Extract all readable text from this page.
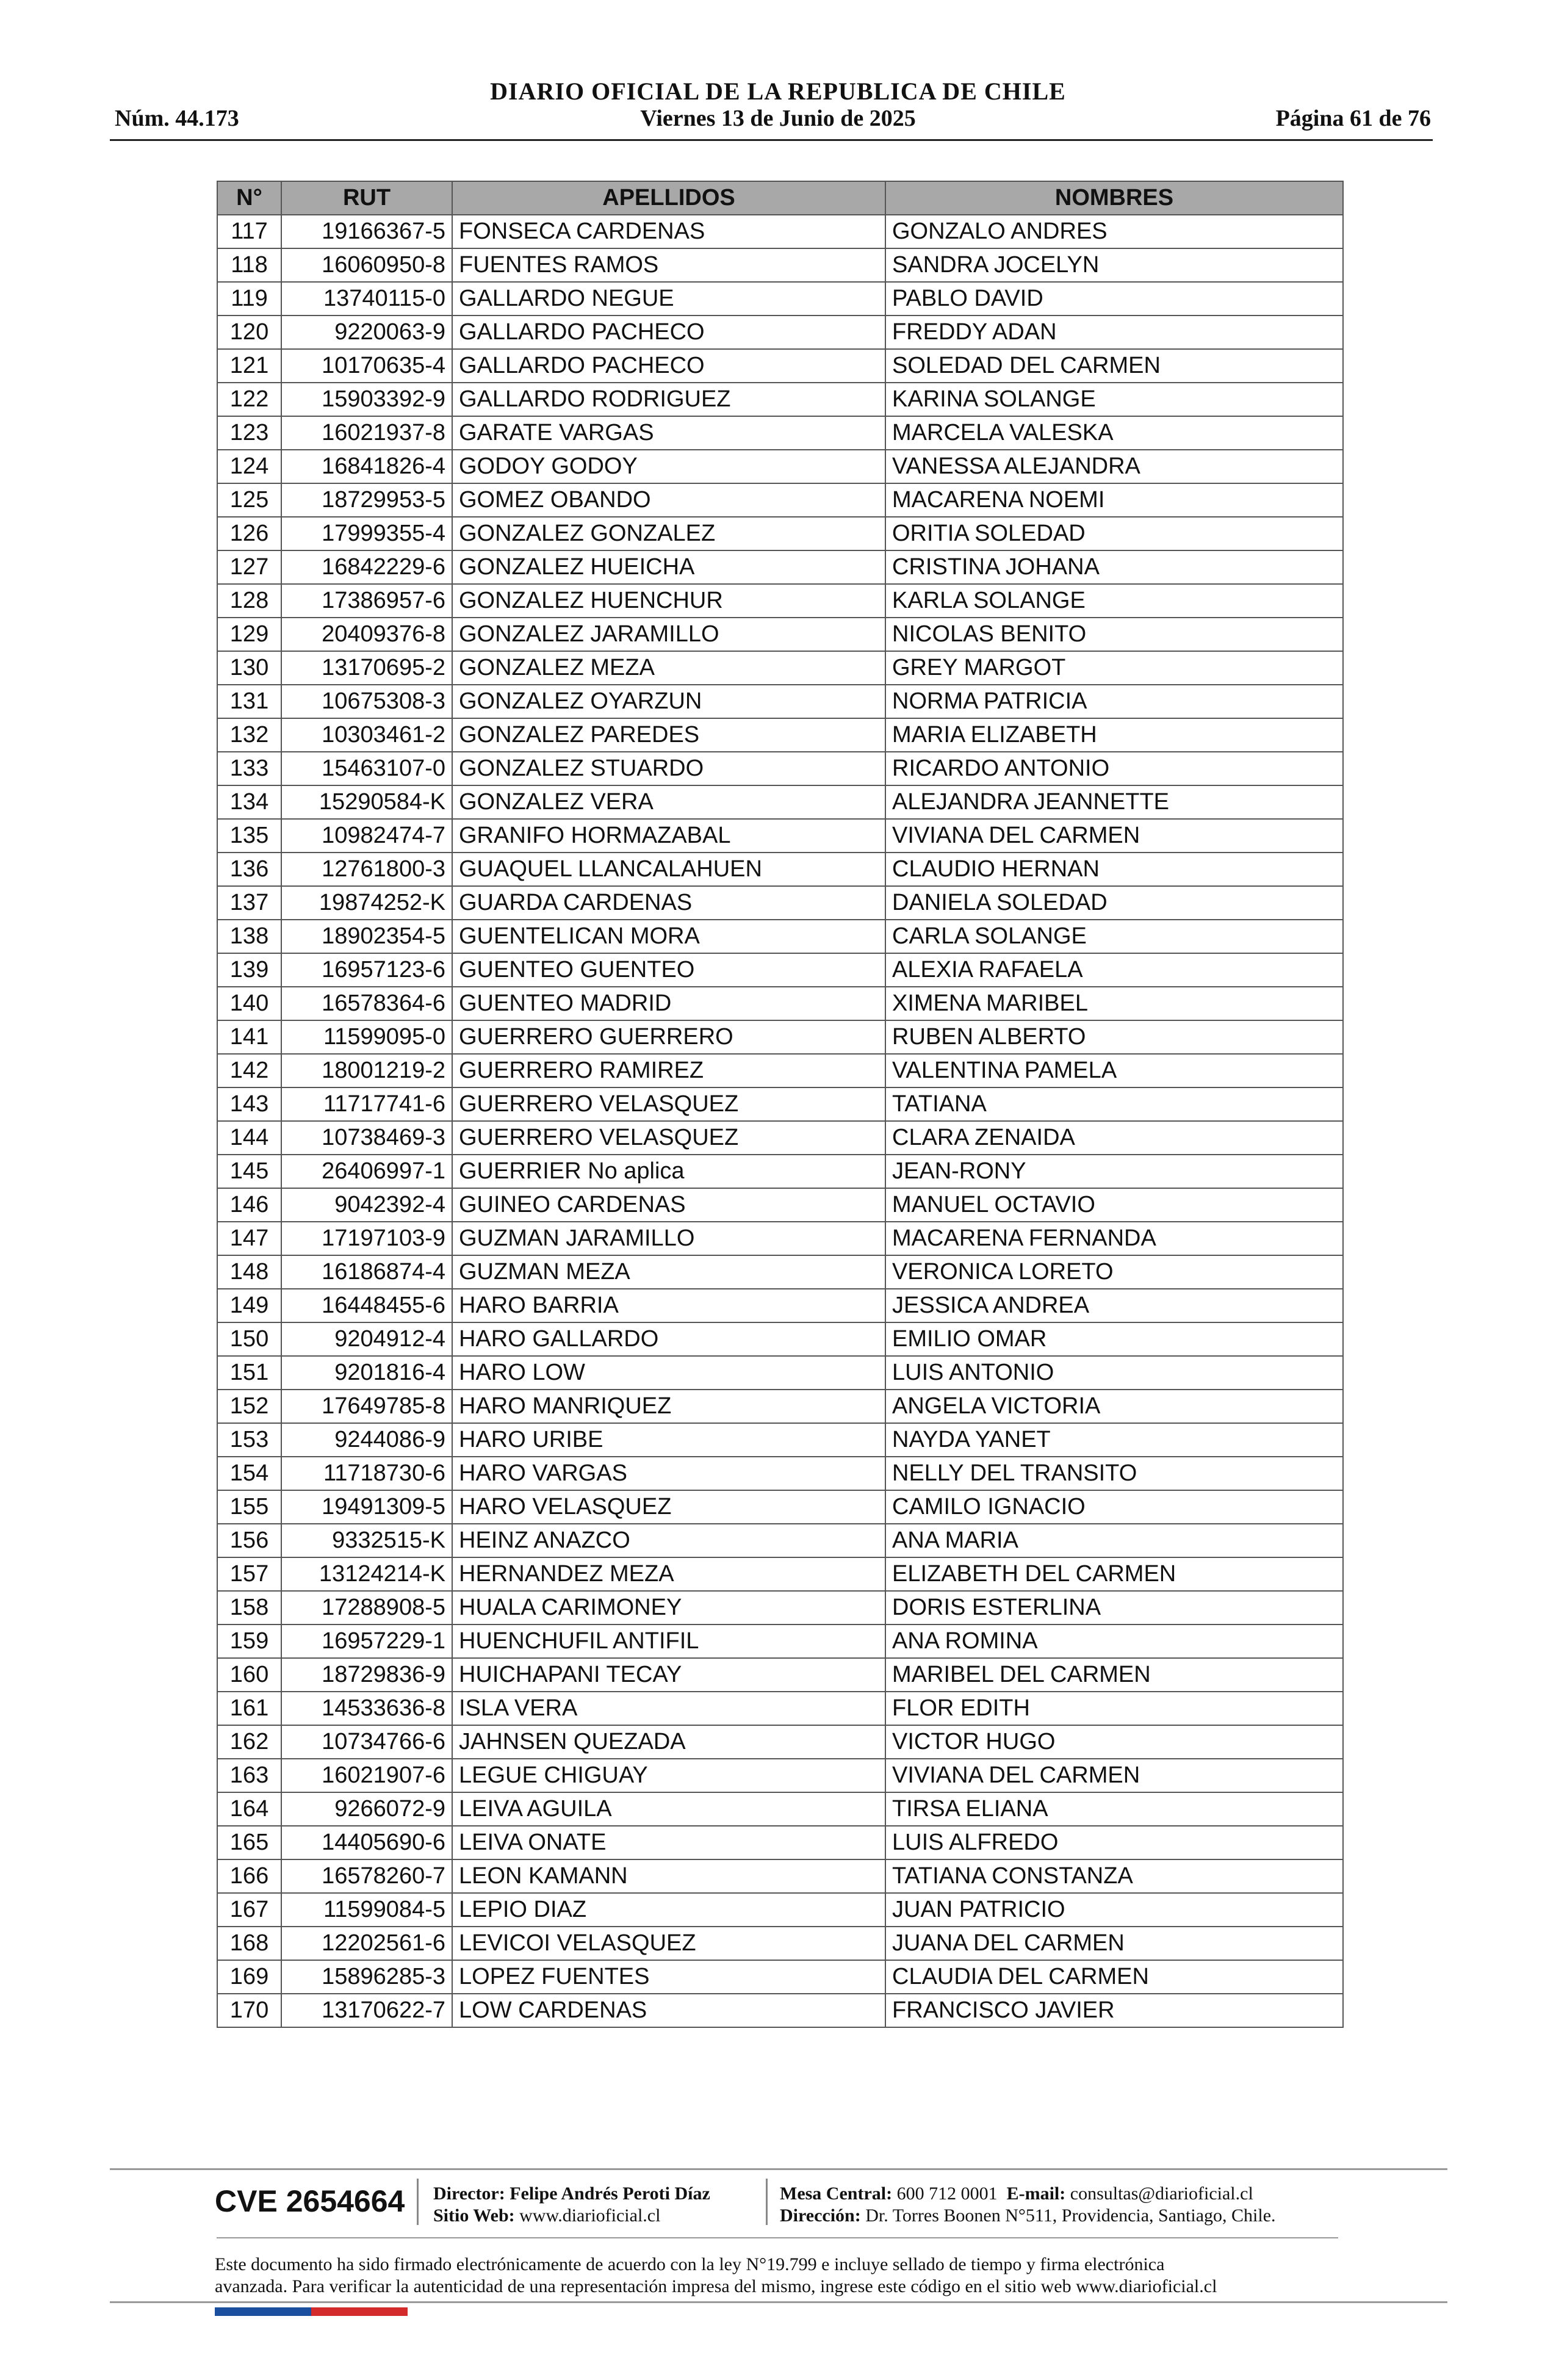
DIARIO OFICIAL DE LA REPUBLICA DE CHILE
Núm. 44.173	Viernes 13 de Junio de 2025	Página 61 de 76
N°	RUT	APELLIDOS	NOMBRES
117	19166367-5	FONSECA CARDENAS	GONZALO ANDRES
118	16060950-8	FUENTES RAMOS	SANDRA JOCELYN
119	13740115-0	GALLARDO NEGUE	PABLO DAVID
120	9220063-9	GALLARDO PACHECO	FREDDY ADAN
121	10170635-4	GALLARDO PACHECO	SOLEDAD DEL CARMEN
122	15903392-9	GALLARDO RODRIGUEZ	KARINA SOLANGE
123	16021937-8	GARATE VARGAS	MARCELA VALESKA
124	16841826-4	GODOY GODOY	VANESSA ALEJANDRA
125	18729953-5	GOMEZ OBANDO	MACARENA NOEMI
126	17999355-4	GONZALEZ GONZALEZ	ORITIA SOLEDAD
127	16842229-6	GONZALEZ HUEICHA	CRISTINA JOHANA
128	17386957-6	GONZALEZ HUENCHUR	KARLA SOLANGE
129	20409376-8	GONZALEZ JARAMILLO	NICOLAS BENITO
130	13170695-2	GONZALEZ MEZA	GREY MARGOT
131	10675308-3	GONZALEZ OYARZUN	NORMA PATRICIA
132	10303461-2	GONZALEZ PAREDES	MARIA ELIZABETH
133	15463107-0	GONZALEZ STUARDO	RICARDO ANTONIO
134	15290584-K	GONZALEZ VERA	ALEJANDRA JEANNETTE
135	10982474-7	GRANIFO HORMAZABAL	VIVIANA DEL CARMEN
136	12761800-3	GUAQUEL LLANCALAHUEN	CLAUDIO HERNAN
137	19874252-K	GUARDA CARDENAS	DANIELA SOLEDAD
138	18902354-5	GUENTELICAN MORA	CARLA SOLANGE
139	16957123-6	GUENTEO GUENTEO	ALEXIA RAFAELA
140	16578364-6	GUENTEO MADRID	XIMENA MARIBEL
141	11599095-0	GUERRERO GUERRERO	RUBEN ALBERTO
142	18001219-2	GUERRERO RAMIREZ	VALENTINA PAMELA
143	11717741-6	GUERRERO VELASQUEZ	TATIANA
144	10738469-3	GUERRERO VELASQUEZ	CLARA ZENAIDA
145	26406997-1	GUERRIER No aplica	JEAN-RONY
146	9042392-4	GUINEO CARDENAS	MANUEL OCTAVIO
147	17197103-9	GUZMAN JARAMILLO	MACARENA FERNANDA
148	16186874-4	GUZMAN MEZA	VERONICA LORETO
149	16448455-6	HARO BARRIA	JESSICA ANDREA
150	9204912-4	HARO GALLARDO	EMILIO OMAR
151	9201816-4	HARO LOW	LUIS ANTONIO
152	17649785-8	HARO MANRIQUEZ	ANGELA VICTORIA
153	9244086-9	HARO URIBE	NAYDA YANET
154	11718730-6	HARO VARGAS	NELLY DEL TRANSITO
155	19491309-5	HARO VELASQUEZ	CAMILO IGNACIO
156	9332515-K	HEINZ ANAZCO	ANA MARIA
157	13124214-K	HERNANDEZ MEZA	ELIZABETH DEL CARMEN
158	17288908-5	HUALA CARIMONEY	DORIS ESTERLINA
159	16957229-1	HUENCHUFIL ANTIFIL	ANA ROMINA
160	18729836-9	HUICHAPANI TECAY	MARIBEL DEL CARMEN
161	14533636-8	ISLA VERA	FLOR EDITH
162	10734766-6	JAHNSEN QUEZADA	VICTOR HUGO
163	16021907-6	LEGUE CHIGUAY	VIVIANA DEL CARMEN
164	9266072-9	LEIVA AGUILA	TIRSA ELIANA
165	14405690-6	LEIVA ONATE	LUIS ALFREDO
166	16578260-7	LEON KAMANN	TATIANA CONSTANZA
167	11599084-5	LEPIO DIAZ	JUAN PATRICIO
168	12202561-6	LEVICOI VELASQUEZ	JUANA DEL CARMEN
169	15896285-3	LOPEZ FUENTES	CLAUDIA DEL CARMEN
170	13170622-7	LOW CARDENAS	FRANCISCO JAVIER
CVE 2654664 Director: Felipe Andrés Peroti Díaz
Sitio Web: www.diarioficial.cl
Mesa Central: 600 712 0001 E-mail: consultas@diarioficial.cl
Dirección: Dr. Torres Boonen N°511, Providencia, Santiago, Chile.
Este documento ha sido firmado electrónicamente de acuerdo con la ley N°19.799 e incluye sellado de tiempo y firma electrónica
avanzada. Para verificar la autenticidad de una representación impresa del mismo, ingrese este código en el sitio web www.diarioficial.cl
